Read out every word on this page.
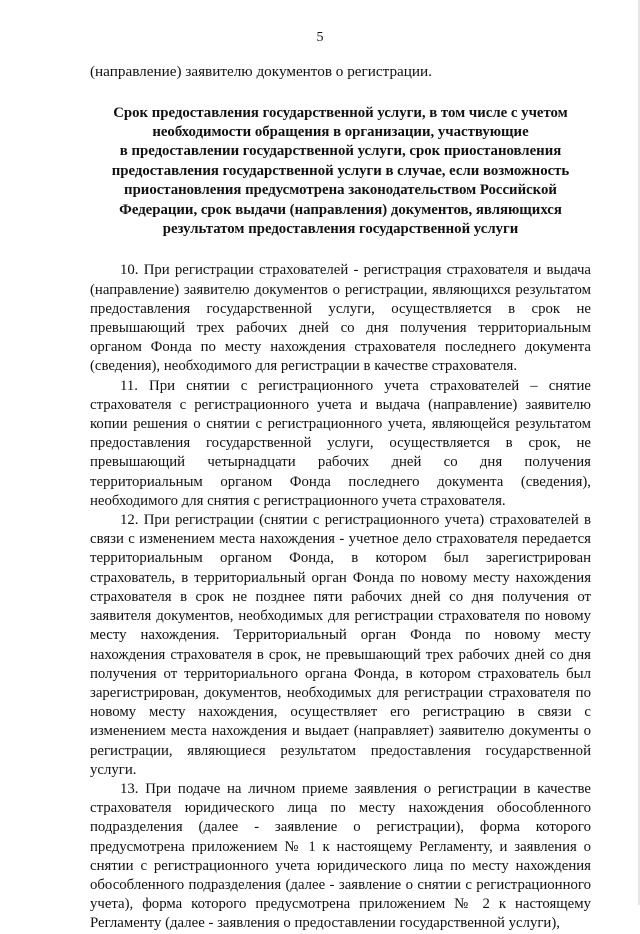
5

(направление) заявителю документов о регистрации.

Срок предоставления государственной услуги, в том числе с учетом
необходимости обращения в организации, участвующие
в предоставлении государственной услуги, срок приостановления
предоставления государственной услуги в случае, если возможность
приостановления предусмотрена законодательством Российской
Федерации, срок выдачи (направления) документов, являющихся
результатом предоставления государственной услуги

10. При регистрации страхователей - регистрация страхователя и выдача (направление) заявителю документов о регистрации, являющихся результатом предоставления государственной услуги, осуществляется в срок не превышающий трех рабочих дней со дня получения территориальным органом Фонда по месту нахождения страхователя последнего документа (сведения), необходимого для регистрации в качестве страхователя.

11. При снятии с регистрационного учета страхователей – снятие страхователя с регистрационного учета и выдача (направление) заявителю копии решения о снятии с регистрационного учета, являющейся результатом предоставления государственной услуги, осуществляется в срок, не превышающий четырнадцати рабочих дней со дня получения территориальным органом Фонда последнего документа (сведения), необходимого для снятия с регистрационного учета страхователя.

12. При регистрации (снятии с регистрационного учета) страхователей в связи с изменением места нахождения - учетное дело страхователя передается территориальным органом Фонда, в котором был зарегистрирован страхователь, в территориальный орган Фонда по новому месту нахождения страхователя в срок не позднее пяти рабочих дней со дня получения от заявителя документов, необходимых для регистрации страхователя по новому месту нахождения. Территориальный орган Фонда по новому месту нахождения страхователя в срок, не превышающий трех рабочих дней со дня получения от территориального органа Фонда, в котором страхователь был зарегистрирован, документов, необходимых для регистрации страхователя по новому месту нахождения, осуществляет его регистрацию в связи с изменением места нахождения и выдает (направляет) заявителю документы о регистрации, являющиеся результатом предоставления государственной услуги.

13. При подаче на личном приеме заявления о регистрации в качестве страхователя юридического лица по месту нахождения обособленного подразделения (далее - заявление о регистрации), форма которого предусмотрена приложением № 1 к настоящему Регламенту, и заявления о снятии с регистрационного учета юридического лица по месту нахождения обособленного подразделения (далее - заявление о снятии с регистрационного учета), форма которого предусмотрена приложением № 2 к настоящему Регламенту (далее - заявления о предоставлении государственной услуги),
